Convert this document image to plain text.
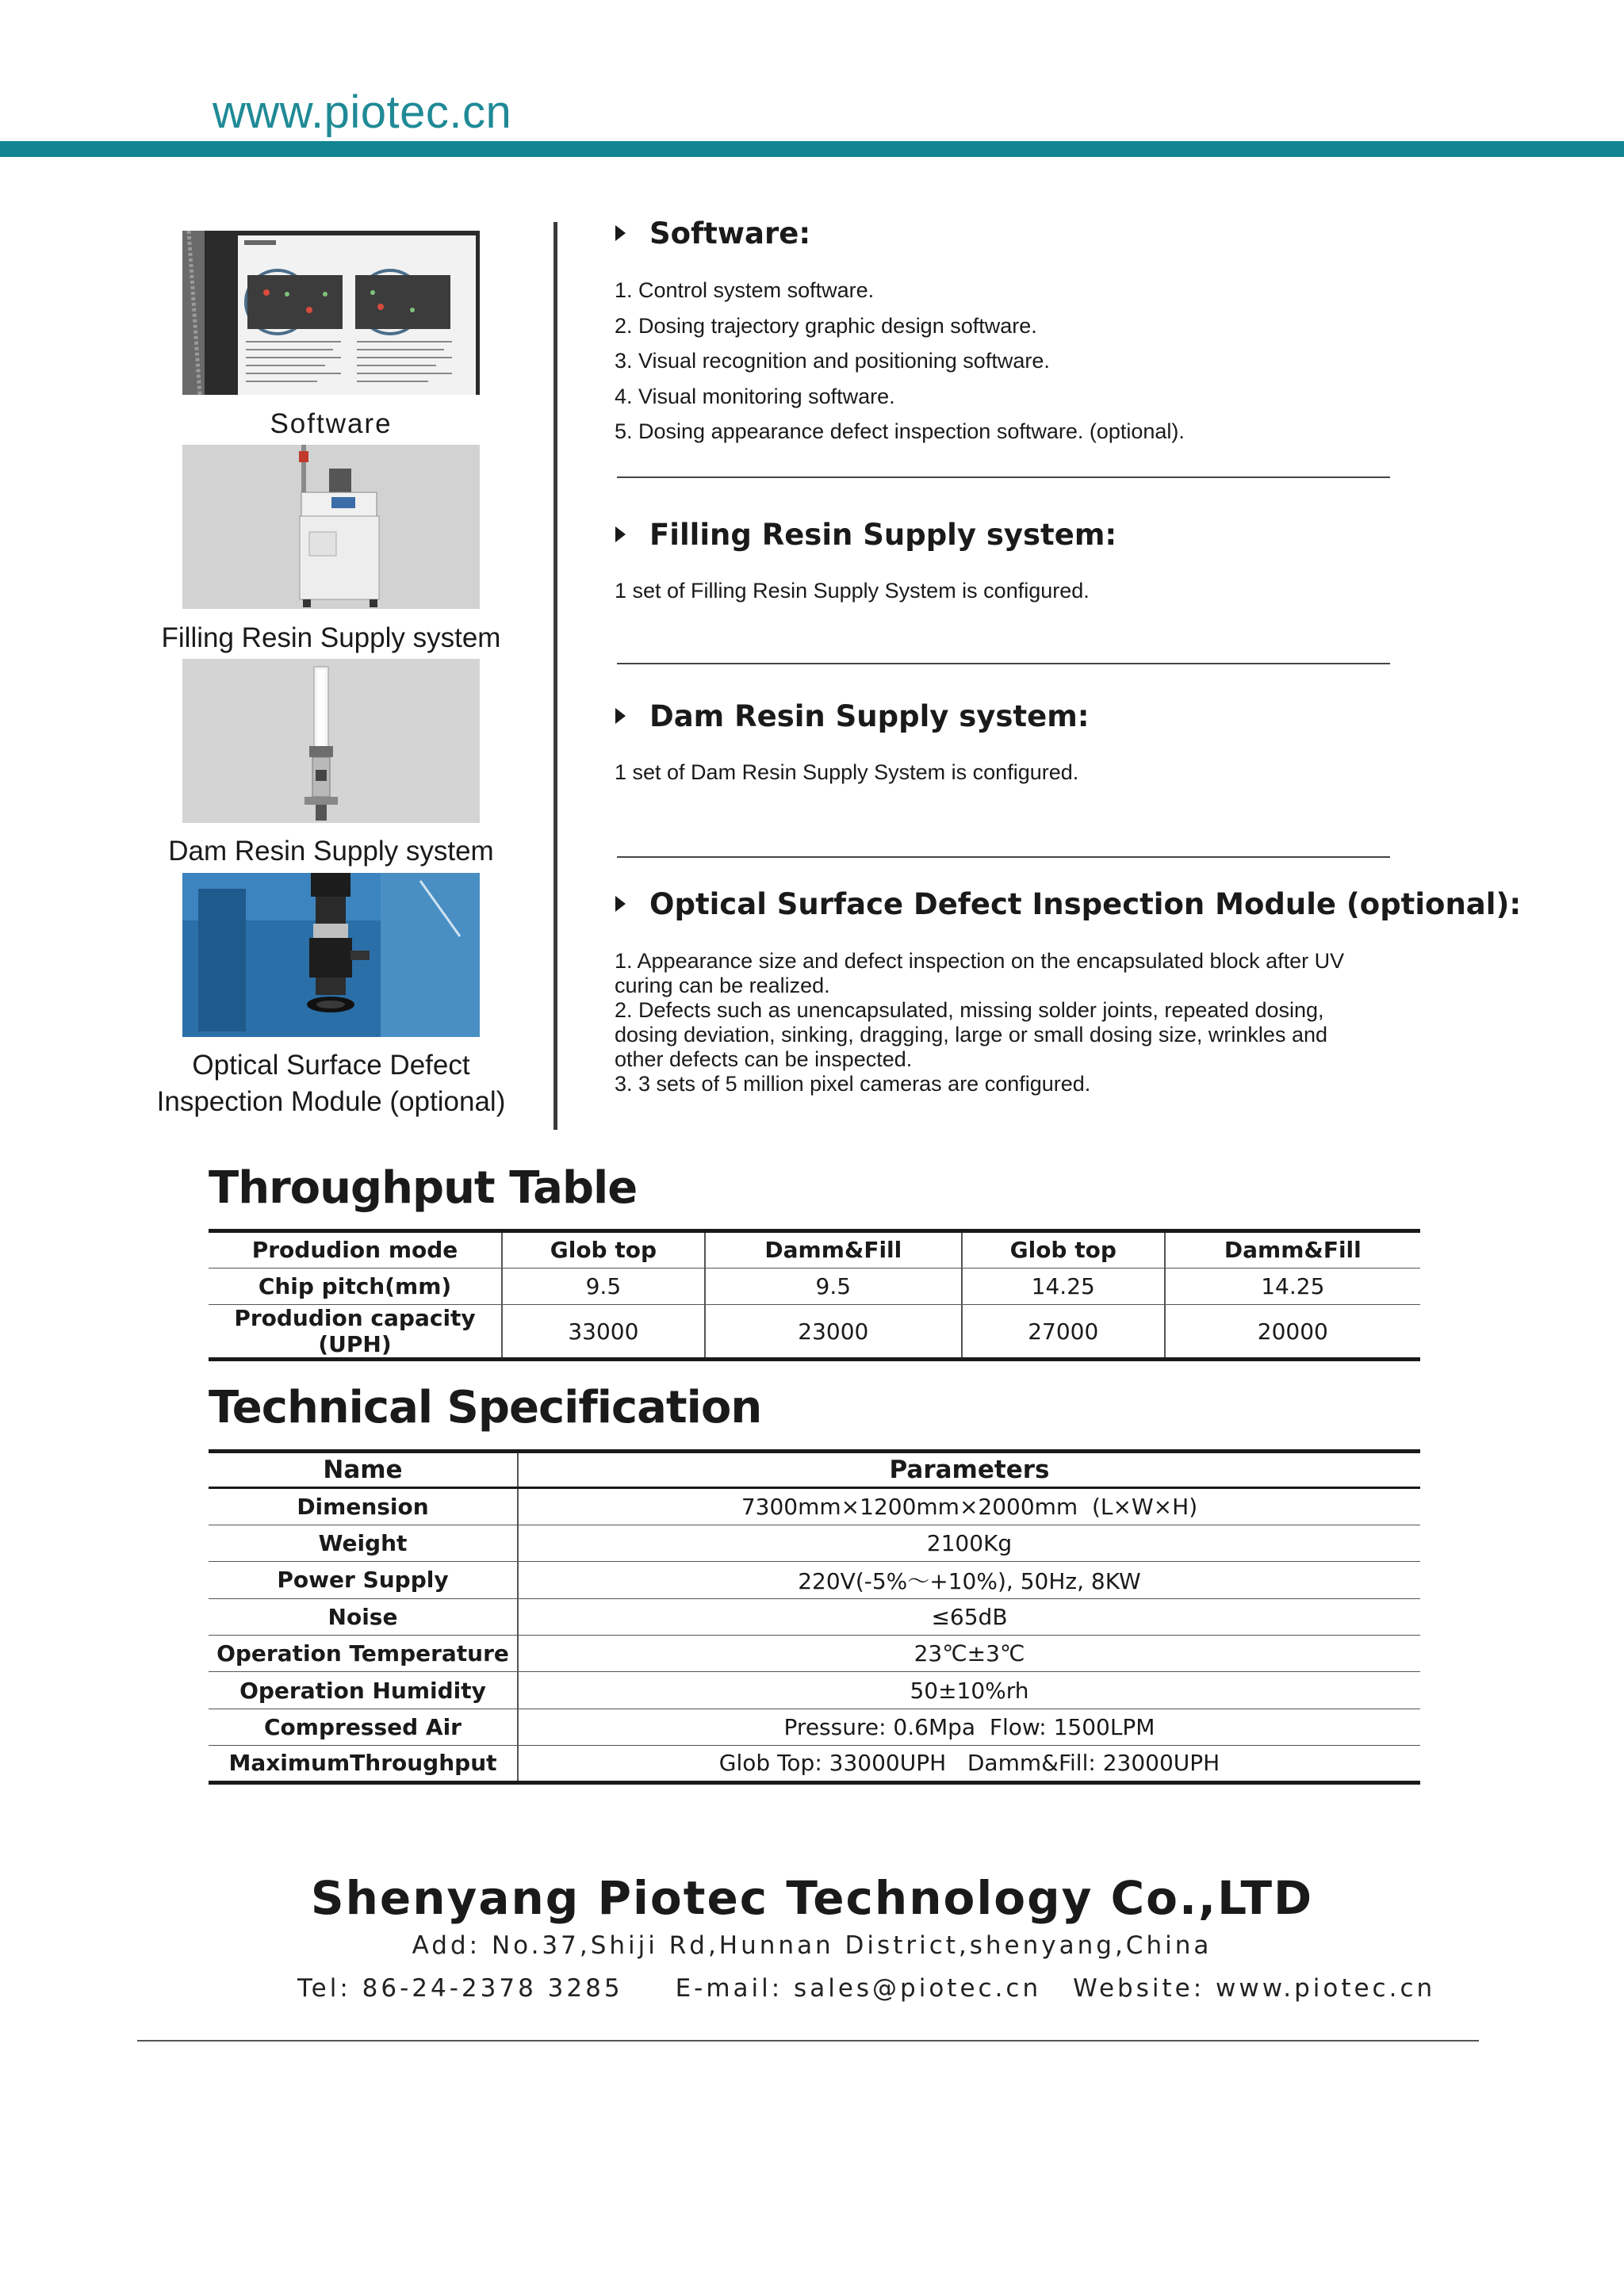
www.piotec.cn
Software
Filling Resin Supply system
Dam Resin Supply system
Optical Surface Defect
Inspection Module (optional)
Software:
1. Control system software.
2. Dosing trajectory graphic design software.
3. Visual recognition and positioning software.
4. Visual monitoring software.
5. Dosing appearance defect inspection software. (optional).
Filling Resin Supply system:
1 set of Filling Resin Supply System is configured.
Dam Resin Supply system:
1 set of Dam Resin Supply System is configured.
Optical Surface Defect Inspection Module (optional):
1. Appearance size and defect inspection on the encapsulated block after UV
curing can be realized.
2. Defects such as unencapsulated, missing solder joints, repeated dosing,
dosing deviation, sinking, dragging, large or small dosing size, wrinkles and
other defects can be inspected.
3. 3 sets of 5 million pixel cameras are configured.
Throughput Table
Produdion mode	Glob top	Damm&Fill	Glob top	Damm&Fill
Chip pitch(mm)	9.5	9.5	14.25	14.25
Produdion capacity (UPH)	33000	23000	27000	20000
Technical Specification
Name	Parameters
Dimension	7300mm×1200mm×2000mm  (L×W×H)
Weight	2100Kg
Power Supply	220V(-5%～+10%), 50Hz, 8KW
Noise	≤65dB
Operation Temperature	23℃±3℃
Operation Humidity	50±10%rh
Compressed Air	Pressure: 0.6Mpa  Flow: 1500LPM
MaximumThroughput	Glob Top: 33000UPH   Damm&Fill: 23000UPH
Shenyang Piotec Technology Co.,LTD
Add: No.37,Shiji Rd,Hunnan District,shenyang,China
Tel: 86-24-2378 3285 E-mail: sales@piotec.cn Website: www.piotec.cn
